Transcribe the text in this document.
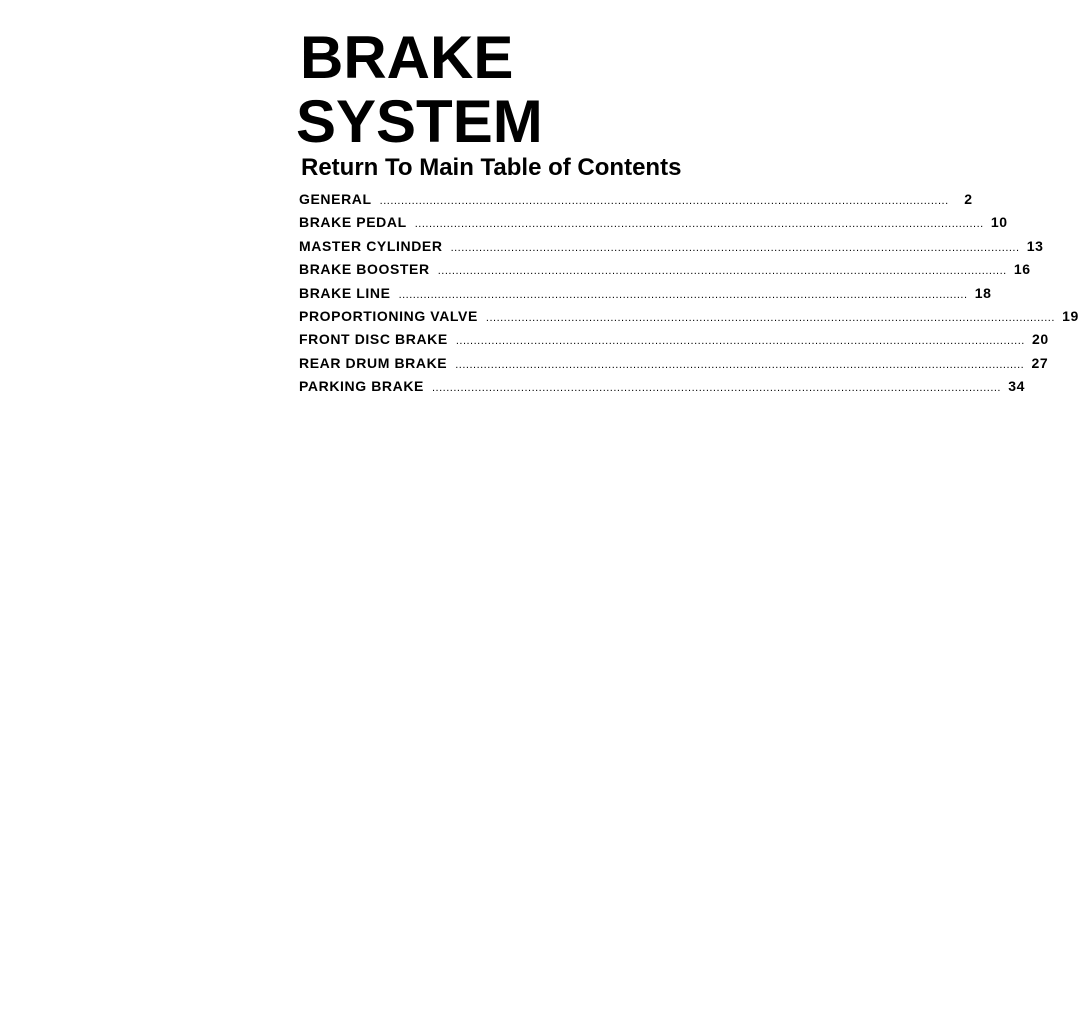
BRAKE
SYSTEM
Return To Main Table of Contents
GENERAL ................................................................................................................................................................	2
BRAKE PEDAL ................................................................................................................................................................ 10
MASTER CYLINDER ................................................................................................................................................................ 13
BRAKE BOOSTER ................................................................................................................................................................ 16
BRAKE LINE ................................................................................................................................................................ 18
PROPORTIONING VALVE ................................................................................................................................................................ 19
FRONT DISC BRAKE ................................................................................................................................................................ 20
REAR DRUM BRAKE ................................................................................................................................................................ 27
PARKING BRAKE ................................................................................................................................................................ 34
